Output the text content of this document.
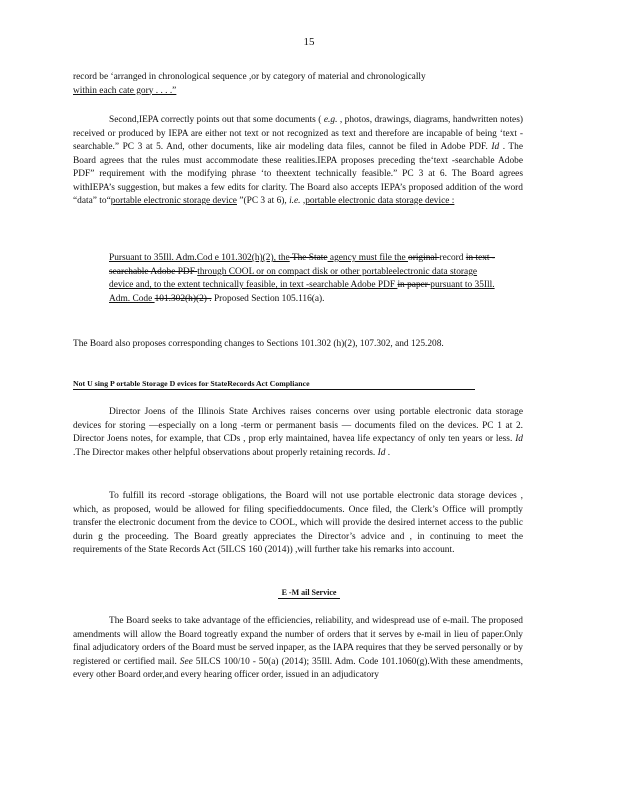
15
record be ‘arranged in chronological sequence ,or by category of material and chronologically
within each cate gory . . . .”
Second,IEPA correctly points out that some documents ( e.g. , photos, drawings, diagrams, handwritten notes) received or produced by IEPA are either not text or not recognized as text and therefore are incapable of being ‘text -searchable.” PC 3 at 5. And, other documents, like air modeling data files, cannot be filed in Adobe PDF. Id . The Board agrees that the rules must accommodate these realities.IEPA proposes preceding the‘text -searchable Adobe PDF” requirement with the modifying phrase ‘to theextent technically feasible.” PC 3 at 6. The Board agrees withIEPA’s suggestion, but makes a few edits for clarity. The Board also accepts IEPA’s proposed addition of the word “data” to“portable electronic storage device ”(PC 3 at 6), i.e. ,portable electronic data storage device :
Pursuant to 35Ill. Adm.Cod e 101.302(h)(2), the The State agency must file the original record in text -searchable Adobe PDF through COOL or on compact disk or other portableelectronic data storage device and, to the extent technically feasible, in text -searchable Adobe PDF in paper pursuant to 35Ill. Adm. Code 101.302(h)(2) . Proposed Section 105.116(a).
The Board also proposes corresponding changes to Sections 101.302 (h)(2), 107.302, and 125.208.
Not U sing P ortable Storage D evices for StateRecords Act Compliance
Director Joens of the Illinois State Archives raises concerns over using portable electronic data storage devices for storing —especially on a long -term or permanent basis — documents filed on the devices. PC 1 at 2. Director Joens notes, for example, that CDs , prop erly maintained, havea life expectancy of only ten years or less. Id .The Director makes other helpful observations about properly retaining records. Id .
To fulfill its record -storage obligations, the Board will not use portable electronic data storage devices , which, as proposed, would be allowed for filing specifieddocuments. Once filed, the Clerk’s Office will promptly transfer the electronic document from the device to COOL, which will provide the desired internet access to the public durin g the proceeding. The Board greatly appreciates the Director’s advice and , in continuing to meet the requirements of the State Records Act (5ILCS 160 (2014)) ,will further take his remarks into account.
E -M ail Service
The Board seeks to take advantage of the efficiencies, reliability, and widespread use of e-mail. The proposed amendments will allow the Board togreatly expand the number of orders that it serves by e-mail in lieu of paper.Only final adjudicatory orders of the Board must be served inpaper, as the IAPA requires that they be served personally or by registered or certified mail. See 5ILCS 100/10 - 50(a) (2014); 35Ill. Adm. Code 101.1060(g).With these amendments, every other Board order,and every hearing officer order, issued in an adjudicatory
